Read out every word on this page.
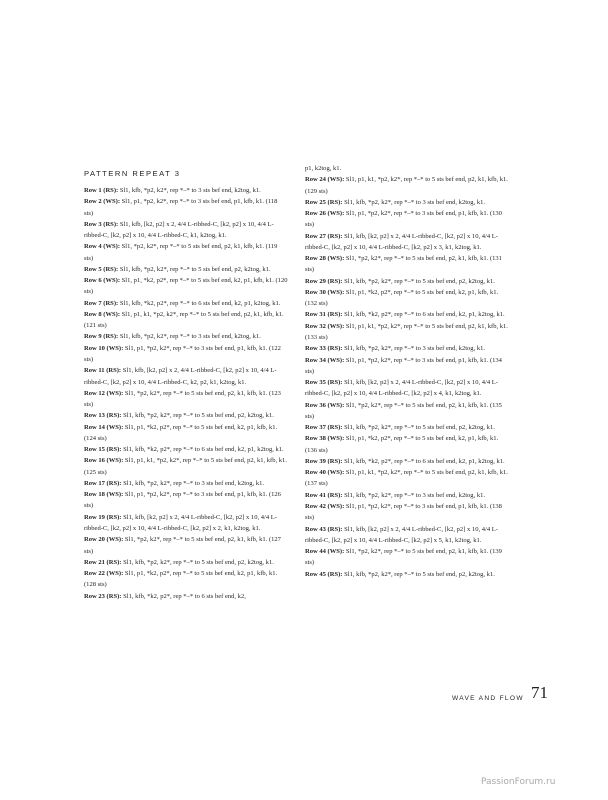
PATTERN REPEAT 3
Row 1 (RS): Sl1, kfb, *p2, k2*, rep *–* to 3 sts bef end, k2tog, k1.
Row 2 (WS): Sl1, p1, *p2, k2*, rep *–* to 3 sts bef end, p1, kfb, k1. (118 sts)
Row 3 (RS): Sl1, kfb, [k2, p2] x 2, 4/4 L-ribbed-C, [k2, p2] x 10, 4/4 L-ribbed-C, [k2, p2] x 10, 4/4 L-ribbed-C, k1, k2tog, k1.
Row 4 (WS): Sl1, *p2, k2*, rep *–* to 5 sts bef end, p2, k1, kfb, k1. (119 sts)
Row 5 (RS): Sl1, kfb, *p2, k2*, rep *–* to 5 sts bef end, p2, k2tog, k1.
Row 6 (WS): Sl1, p1, *k2, p2*, rep *–* to 5 sts bef end, k2, p1, kfb, k1. (120 sts)
Row 7 (RS): Sl1, kfb, *k2, p2*, rep *–* to 6 sts bef end, k2, p1, k2tog, k1.
Row 8 (WS): Sl1, p1, k1, *p2, k2*, rep *–* to 5 sts bef end, p2, k1, kfb, k1. (121 sts)
Row 9 (RS): Sl1, kfb, *p2, k2*, rep *–* to 3 sts bef end, k2tog, k1.
Row 10 (WS): Sl1, p1, *p2, k2*, rep *–* to 3 sts bef end, p1, kfb, k1. (122 sts)
Row 11 (RS): Sl1, kfb, [k2, p2] x 2, 4/4 L-ribbed-C, [k2, p2] x 10, 4/4 L-ribbed-C, [k2, p2] x 10, 4/4 L-ribbed-C, k2, p2, k1, k2tog, k1.
Row 12 (WS): Sl1, *p2, k2*, rep *–* to 5 sts bef end, p2, k1, kfb, k1. (123 sts)
Row 13 (RS): Sl1, kfb, *p2, k2*, rep *–* to 5 sts bef end, p2, k2tog, k1.
Row 14 (WS): Sl1, p1, *k2, p2*, rep *–* to 5 sts bef end, k2, p1, kfb, k1. (124 sts)
Row 15 (RS): Sl1, kfb, *k2, p2*, rep *–* to 6 sts bef end, k2, p1, k2tog, k1.
Row 16 (WS): Sl1, p1, k1, *p2, k2*, rep *–* to 5 sts bef end, p2, k1, kfb, k1. (125 sts)
Row 17 (RS): Sl1, kfb, *p2, k2*, rep *–* to 3 sts bef end, k2tog, k1.
Row 18 (WS): Sl1, p1, *p2, k2*, rep *–* to 3 sts bef end, p1, kfb, k1. (126 sts)
Row 19 (RS): Sl1, kfb, [k2, p2] x 2, 4/4 L-ribbed-C, [k2, p2] x 10, 4/4 L-ribbed-C, [k2, p2] x 10, 4/4 L-ribbed-C, [k2, p2] x 2, k1, k2tog, k1.
Row 20 (WS): Sl1, *p2, k2*, rep *–* to 5 sts bef end, p2, k1, kfb, k1. (127 sts)
Row 21 (RS): Sl1, kfb, *p2, k2*, rep *–* to 5 sts bef end, p2, k2tog, k1.
Row 22 (WS): Sl1, p1, *k2, p2*, rep *–* to 5 sts bef end, k2, p1, kfb, k1. (128 sts)
Row 23 (RS): Sl1, kfb, *k2, p2*, rep *–* to 6 sts bef end, k2,
p1, k2tog, k1.
Row 24 (WS): Sl1, p1, k1, *p2, k2*, rep *–* to 5 sts bef end, p2, k1, kfb, k1. (129 sts)
Row 25 (RS): Sl1, kfb, *p2, k2*, rep *–* to 3 sts bef end, k2tog, k1.
Row 26 (WS): Sl1, p1, *p2, k2*, rep *–* to 3 sts bef end, p1, kfb, k1. (130 sts)
Row 27 (RS): Sl1, kfb, [k2, p2] x 2, 4/4 L-ribbed-C, [k2, p2] x 10, 4/4 L-ribbed-C, [k2, p2] x 10, 4/4 L-ribbed-C, [k2, p2] x 3, k1, k2tog, k1.
Row 28 (WS): Sl1, *p2, k2*, rep *–* to 5 sts bef end, p2, k1, kfb, k1. (131 sts)
Row 29 (RS): Sl1, kfb, *p2, k2*, rep *–* to 5 sts bef end, p2, k2tog, k1.
Row 30 (WS): Sl1, p1, *k2, p2*, rep *–* to 5 sts bef end, k2, p1, kfb, k1. (132 sts)
Row 31 (RS): Sl1, kfb, *k2, p2*, rep *–* to 6 sts bef end, k2, p1, k2tog, k1.
Row 32 (WS): Sl1, p1, k1, *p2, k2*, rep *–* to 5 sts bef end, p2, k1, kfb, k1. (133 sts)
Row 33 (RS): Sl1, kfb, *p2, k2*, rep *–* to 3 sts bef end, k2tog, k1.
Row 34 (WS): Sl1, p1, *p2, k2*, rep *–* to 3 sts bef end, p1, kfb, k1. (134 sts)
Row 35 (RS): Sl1, kfb, [k2, p2] x 2, 4/4 L-ribbed-C, [k2, p2] x 10, 4/4 L-ribbed-C, [k2, p2] x 10, 4/4 L-ribbed-C, [k2, p2] x 4, k1, k2tog, k1.
Row 36 (WS): Sl1, *p2, k2*, rep *–* to 5 sts bef end, p2, k1, kfb, k1. (135 sts)
Row 37 (RS): Sl1, kfb, *p2, k2*, rep *–* to 5 sts bef end, p2, k2tog, k1.
Row 38 (WS): Sl1, p1, *k2, p2*, rep *–* to 5 sts bef end, k2, p1, kfb, k1. (136 sts)
Row 39 (RS): Sl1, kfb, *k2, p2*, rep *–* to 6 sts bef end, k2, p1, k2tog, k1.
Row 40 (WS): Sl1, p1, k1, *p2, k2*, rep *–* to 5 sts bef end, p2, k1, kfb, k1. (137 sts)
Row 41 (RS): Sl1, kfb, *p2, k2*, rep *–* to 3 sts bef end, k2tog, k1.
Row 42 (WS): Sl1, p1, *p2, k2*, rep *–* to 3 sts bef end, p1, kfb, k1. (138 sts)
Row 43 (RS): Sl1, kfb, [k2, p2] x 2, 4/4 L-ribbed-C, [k2, p2] x 10, 4/4 L-ribbed-C, [k2, p2] x 10, 4/4 L-ribbed-C, [k2, p2] x 5, k1, k2tog, k1.
Row 44 (WS): Sl1, *p2, k2*, rep *–* to 5 sts bef end, p2, k1, kfb, k1. (139 sts)
Row 45 (RS): Sl1, kfb, *p2, k2*, rep *–* to 5 sts bef end, p2, k2tog, k1.
WAVE AND FLOW 71
PassionForum.ru
